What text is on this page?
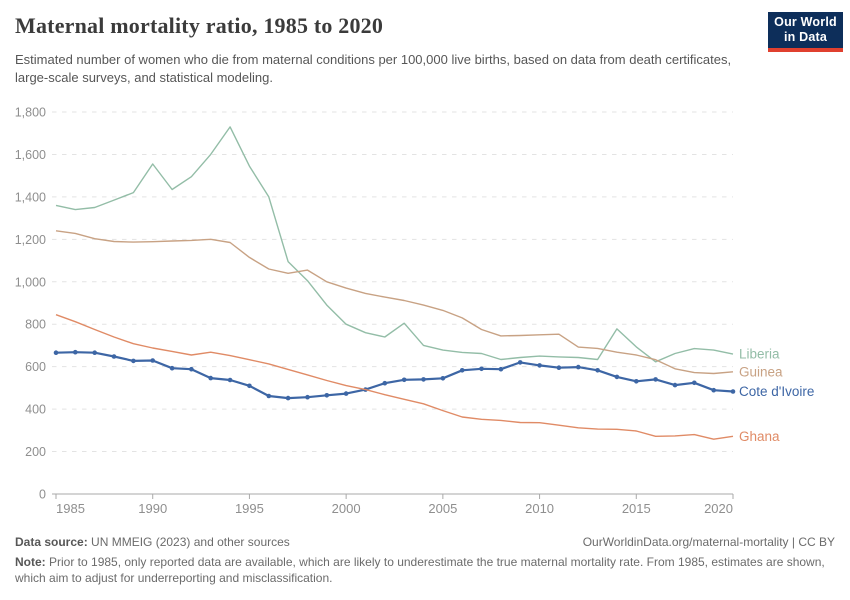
Maternal mortality ratio, 1985 to 2020

Estimated number of women who die from maternal conditions per 100,000 live births, based on data from death certificates, large-scale surveys, and statistical modeling.

Our World
in Data
0
200
400
600
800
1,000
1,200
1,400
1,600
1,800
1985	1990	1995	2000	2005	2010	2015	2020
Liberia
Guinea
Cote d'Ivoire
Ghana
Data source: UN MMEIG (2023) and other sources	OurWorldinData.org/maternal-mortality | CC BY
Note: Prior to 1985, only reported data are available, which are likely to underestimate the true maternal mortality rate. From 1985, estimates are shown, which aim to adjust for underreporting and misclassification.
